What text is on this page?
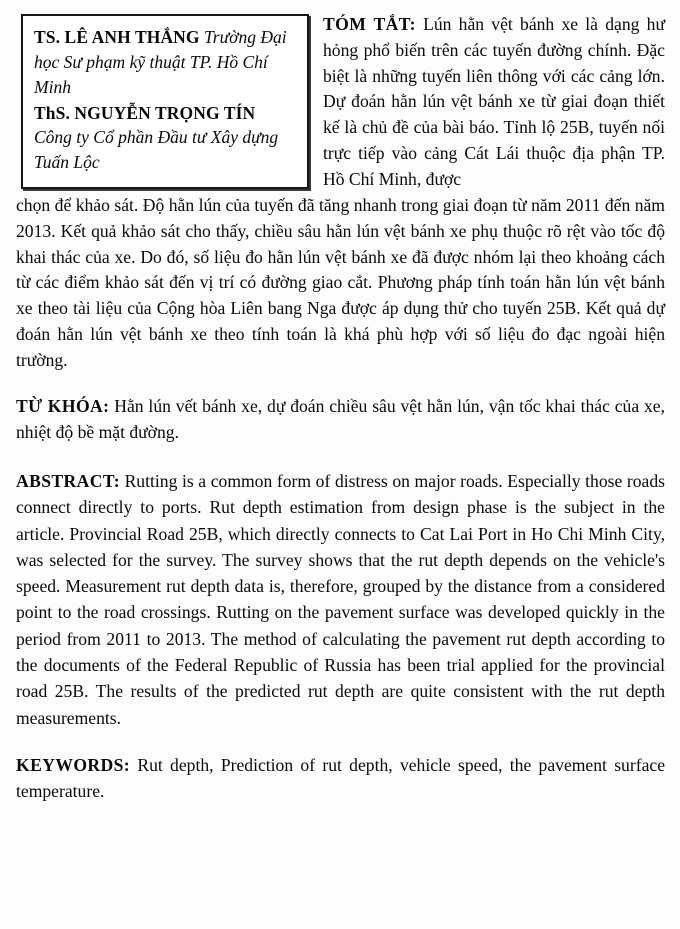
TS. LÊ ANH THẮNG Trường Đại học Sư phạm kỹ thuật TP. Hồ Chí Minh
ThS. NGUYỄN TRỌNG TÍN
Công ty Cổ phần Đầu tư Xây dựng Tuấn Lộc
TÓM TẮT: Lún hằn vệt bánh xe là dạng hư hỏng phổ biến trên các tuyến đường chính. Đặc biệt là những tuyến liên thông với các cảng lớn. Dự đoán hằn lún vệt bánh xe từ giai đoạn thiết kế là chủ đề của bài báo. Tỉnh lộ 25B, tuyến nối trực tiếp vào cảng Cát Lái thuộc địa phận TP. Hồ Chí Minh, được

chọn để khảo sát. Độ hằn lún của tuyến đã tăng nhanh trong giai đoạn từ năm 2011 đến năm 2013. Kết quả khảo sát cho thấy, chiều sâu hằn lún vệt bánh xe phụ thuộc rõ rệt vào tốc độ khai thác của xe. Do đó, số liệu đo hằn lún vệt bánh xe đã được nhóm lại theo khoảng cách từ các điểm khảo sát đến vị trí có đường giao cắt. Phương pháp tính toán hằn lún vệt bánh xe theo tài liệu của Cộng hòa Liên bang Nga được áp dụng thử cho tuyến 25B. Kết quả dự đoán hằn lún vệt bánh xe theo tính toán là khá phù hợp với số liệu đo đạc ngoài hiện trường.

TỪ KHÓA: Hằn lún vết bánh xe, dự đoán chiều sâu vệt hằn lún, vận tốc khai thác của xe, nhiệt độ bề mặt đường.

ABSTRACT: Rutting is a common form of distress on major roads. Especially those roads connect directly to ports. Rut depth estimation from design phase is the subject in the article. Provincial Road 25B, which directly connects to Cat Lai Port in Ho Chi Minh City, was selected for the survey. The survey shows that the rut depth depends on the vehicle's speed. Measurement rut depth data is, therefore, grouped by the distance from a considered point to the road crossings. Rutting on the pavement surface was developed quickly in the period from 2011 to 2013. The method of calculating the pavement rut depth according to the documents of the Federal Republic of Russia has been trial applied for the provincial road 25B. The results of the predicted rut depth are quite consistent with the rut depth measurements.

KEYWORDS: Rut depth, Prediction of rut depth, vehicle speed, the pavement surface temperature.
